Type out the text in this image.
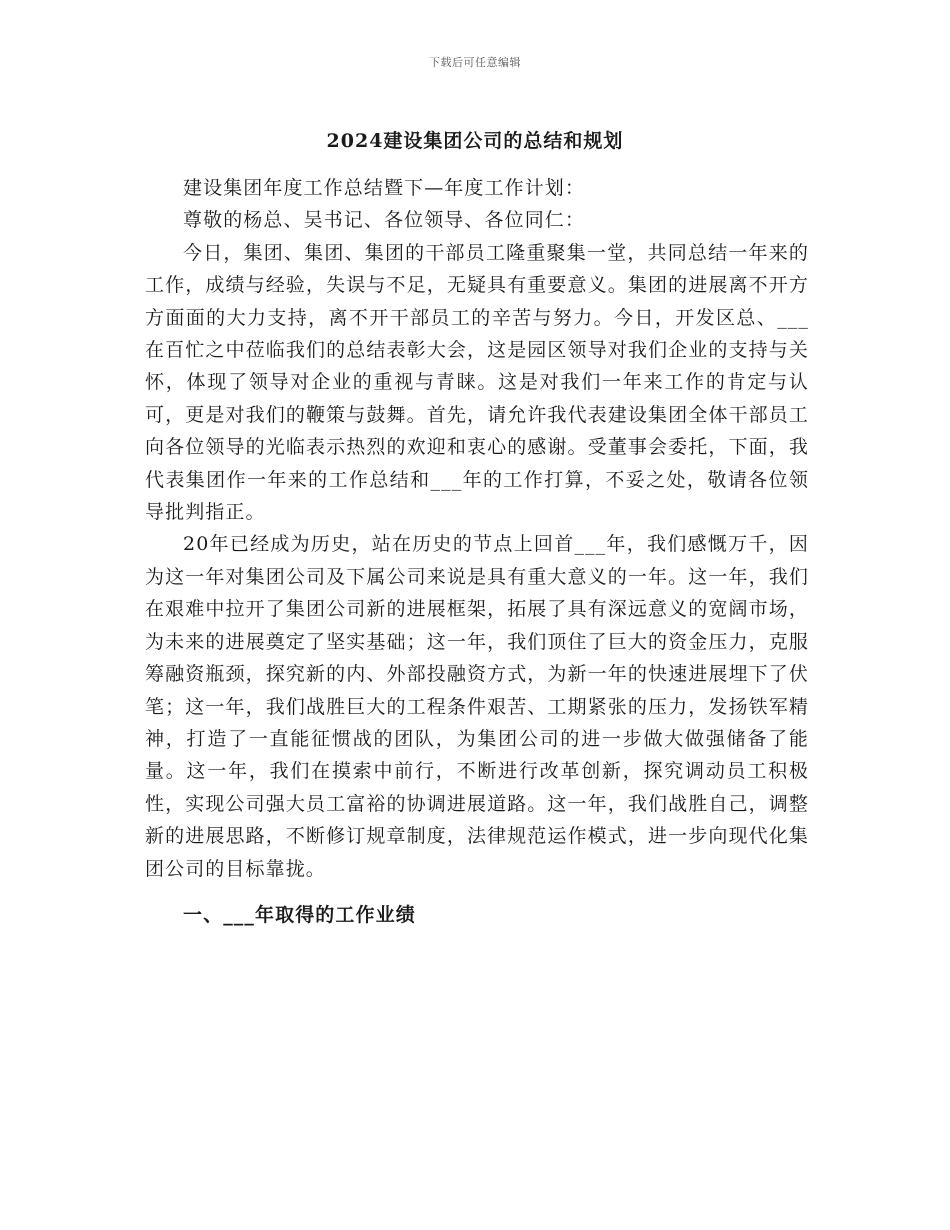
下载后可任意编辑
2024建设集团公司的总结和规划

建设集团年度工作总结暨下—年度工作计划：

尊敬的杨总、吴书记、各位领导、各位同仁：

今日，集团、集团、集团的干部员工隆重聚集一堂，共同总结一年来的工作，成绩与经验，失误与不足，无疑具有重要意义。集团的进展离不开方方面面的大力支持，离不开干部员工的辛苦与努力。今日，开发区总、___在百忙之中莅临我们的总结表彰大会，这是园区领导对我们企业的支持与关怀，体现了领导对企业的重视与青睐。这是对我们一年来工作的肯定与认可，更是对我们的鞭策与鼓舞。首先，请允许我代表建设集团全体干部员工向各位领导的光临表示热烈的欢迎和衷心的感谢。受董事会委托，下面，我代表集团作一年来的工作总结和___年的工作打算，不妥之处，敬请各位领导批判指正。

20年已经成为历史，站在历史的节点上回首___年，我们感慨万千，因为这一年对集团公司及下属公司来说是具有重大意义的一年。这一年，我们在艰难中拉开了集团公司新的进展框架，拓展了具有深远意义的宽阔市场，为未来的进展奠定了坚实基础；这一年，我们顶住了巨大的资金压力，克服筹融资瓶颈，探究新的内、外部投融资方式，为新一年的快速进展埋下了伏笔；这一年，我们战胜巨大的工程条件艰苦、工期紧张的压力，发扬铁军精神，打造了一直能征惯战的团队，为集团公司的进一步做大做强储备了能量。这一年，我们在摸索中前行，不断进行改革创新，探究调动员工积极性，实现公司强大员工富裕的协调进展道路。这一年，我们战胜自己，调整新的进展思路，不断修订规章制度，法律规范运作模式，进一步向现代化集团公司的目标靠拢。

一、___年取得的工作业绩
